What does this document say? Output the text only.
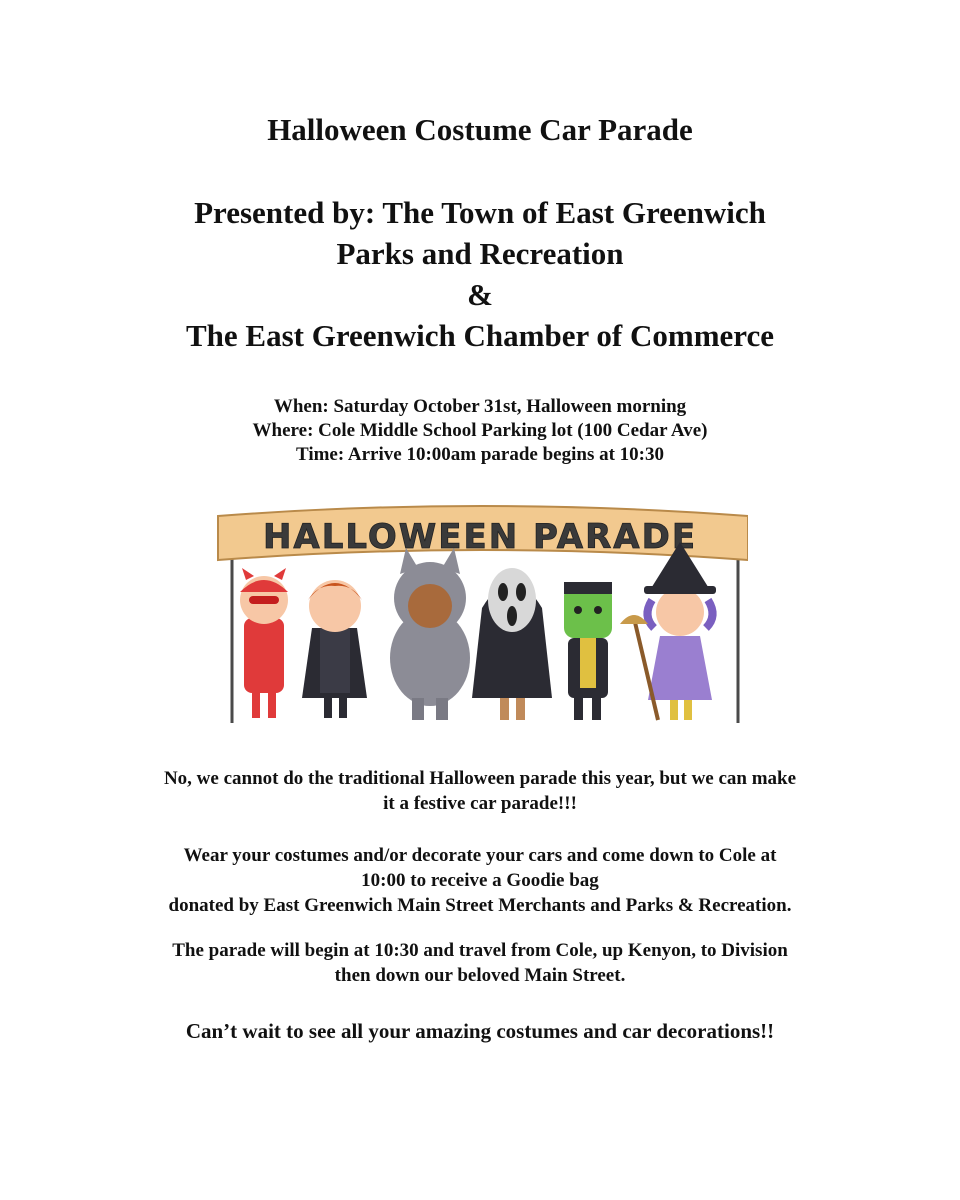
Halloween Costume Car Parade
Presented by: The Town of East Greenwich
Parks and Recreation
&
The East Greenwich Chamber of Commerce
When: Saturday October 31st, Halloween morning
Where: Cole Middle School Parking lot (100 Cedar Ave)
Time: Arrive 10:00am parade begins at 10:30
HALLOWEEN PARADE
No, we cannot do the traditional Halloween parade this year, but we can make
it a festive car parade!!!
Wear your costumes and/or decorate your cars and come down to Cole at
10:00 to receive a Goodie bag
donated by East Greenwich Main Street Merchants and Parks & Recreation.
The parade will begin at 10:30 and travel from Cole, up Kenyon, to Division
then down our beloved Main Street.
Can’t wait to see all your amazing costumes and car decorations!!
